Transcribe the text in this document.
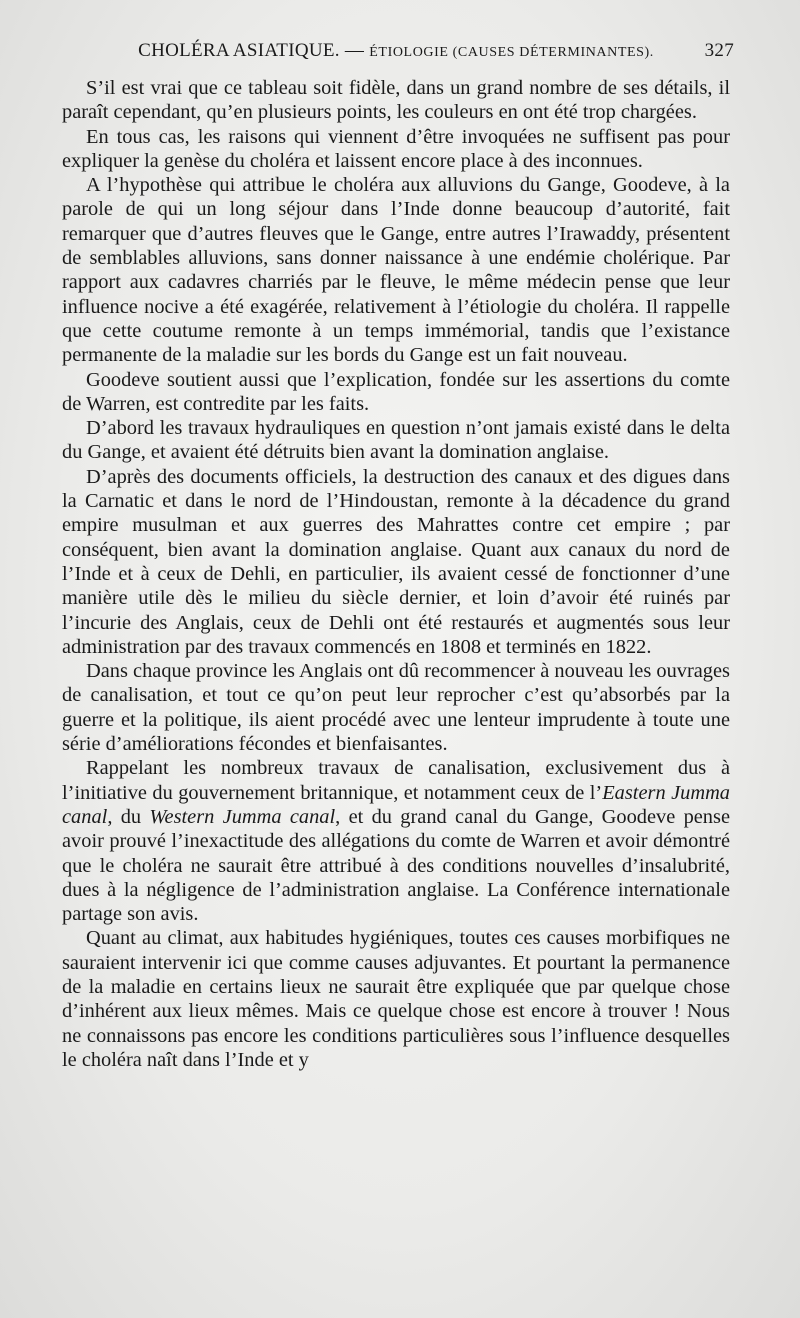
CHOLÉRA ASIATIQUE. — ÉTIOLOGIE (CAUSES DÉTERMINANTES).	327

S’il est vrai que ce tableau soit fidèle, dans un grand nombre de ses détails, il paraît cependant, qu’en plusieurs points, les couleurs en ont été trop chargées.

En tous cas, les raisons qui viennent d’être invoquées ne suffisent pas pour expliquer la genèse du choléra et laissent encore place à des inconnues.

A l’hypothèse qui attribue le choléra aux alluvions du Gange, Goodeve, à la parole de qui un long séjour dans l’Inde donne beaucoup d’autorité, fait remarquer que d’autres fleuves que le Gange, entre autres l’Irawaddy, présentent de semblables alluvions, sans donner naissance à une endémie cholérique. Par rapport aux cadavres charriés par le fleuve, le même médecin pense que leur influence nocive a été exagérée, relativement à l’étiologie du choléra. Il rappelle que cette coutume remonte à un temps immémorial, tandis que l’existance permanente de la maladie sur les bords du Gange est un fait nouveau.

Goodeve soutient aussi que l’explication, fondée sur les assertions du comte de Warren, est contredite par les faits.

D’abord les travaux hydrauliques en question n’ont jamais existé dans le delta du Gange, et avaient été détruits bien avant la domination anglaise.

D’après des documents officiels, la destruction des canaux et des digues dans la Carnatic et dans le nord de l’Hindoustan, remonte à la décadence du grand empire musulman et aux guerres des Mahrattes contre cet empire ; par conséquent, bien avant la domination anglaise. Quant aux canaux du nord de l’Inde et à ceux de Dehli, en particulier, ils avaient cessé de fonctionner d’une manière utile dès le milieu du siècle dernier, et loin d’avoir été ruinés par l’incurie des Anglais, ceux de Dehli ont été restaurés et augmentés sous leur administration par des travaux commencés en 1808 et terminés en 1822.

Dans chaque province les Anglais ont dû recommencer à nouveau les ouvrages de canalisation, et tout ce qu’on peut leur reprocher c’est qu’absorbés par la guerre et la politique, ils aient procédé avec une lenteur imprudente à toute une série d’améliorations fécondes et bienfaisantes.

Rappelant les nombreux travaux de canalisation, exclusivement dus à l’initiative du gouvernement britannique, et notamment ceux de l’Eastern Jumma canal, du Western Jumma canal, et du grand canal du Gange, Goodeve pense avoir prouvé l’inexactitude des allégations du comte de Warren et avoir démontré que le choléra ne saurait être attribué à des conditions nouvelles d’insalubrité, dues à la négligence de l’administration anglaise. La Conférence internationale partage son avis.

Quant au climat, aux habitudes hygiéniques, toutes ces causes morbifiques ne sauraient intervenir ici que comme causes adjuvantes. Et pourtant la permanence de la maladie en certains lieux ne saurait être expliquée que par quelque chose d’inhérent aux lieux mêmes. Mais ce quelque chose est encore à trouver ! Nous ne connaissons pas encore les conditions particulières sous l’influence desquelles le choléra naît dans l’Inde et y
